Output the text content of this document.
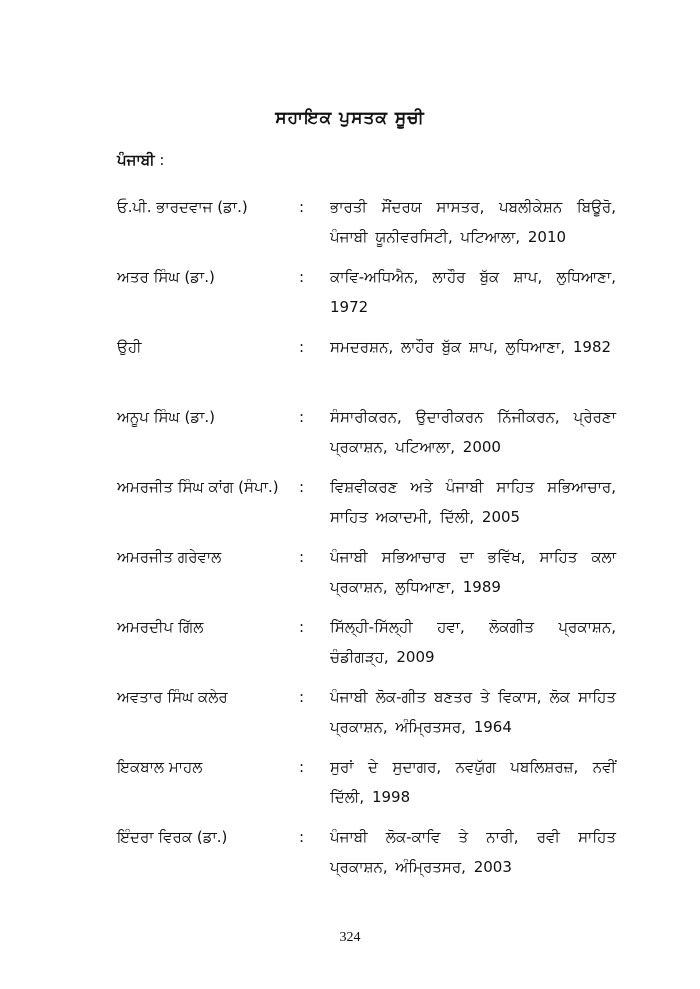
ਸਹਾਇਕ ਪੁਸਤਕ ਸੂਚੀ
ਪੰਜਾਬੀ :
ਓ.ਪੀ. ਭਾਰਦਵਾਜ (ਡਾ.)	: ਭਾਰਤੀ ਸੌਂਦਰਯ ਸਾਸਤਰ, ਪਬਲੀਕੇਸ਼ਨ ਬਿਊਰੋ, ਪੰਜਾਬੀ ਯੂਨੀਵਰਸਿਟੀ, ਪਟਿਆਲਾ, 2010
ਅਤਰ ਸਿੰਘ (ਡਾ.)	: ਕਾਵਿ-ਅਧਿਐਨ, ਲਾਹੌਰ ਬੁੱਕ ਸ਼ਾਪ, ਲੁਧਿਆਣਾ, 1972
ਉਹੀ	: ਸਮਦਰਸ਼ਨ, ਲਾਹੌਰ ਬੁੱਕ ਸ਼ਾਪ, ਲੁਧਿਆਣਾ, 1982
ਅਨੂਪ ਸਿੰਘ (ਡਾ.)	: ਸੰਸਾਰੀਕਰਨ, ਉਦਾਰੀਕਰਨ ਨਿੱਜੀਕਰਨ, ਪ੍ਰੇਰਣਾ ਪ੍ਰਕਾਸ਼ਨ, ਪਟਿਆਲਾ, 2000
ਅਮਰਜੀਤ ਸਿੰਘ ਕਾਂਗ (ਸੰਪਾ.)	: ਵਿਸ਼ਵੀਕਰਣ ਅਤੇ ਪੰਜਾਬੀ ਸਾਹਿਤ ਸਭਿਆਚਾਰ, ਸਾਹਿਤ ਅਕਾਦਮੀ, ਦਿੱਲੀ, 2005
ਅਮਰਜੀਤ ਗਰੇਵਾਲ	: ਪੰਜਾਬੀ ਸਭਿਆਚਾਰ ਦਾ ਭਵਿੱਖ, ਸਾਹਿਤ ਕਲਾ ਪ੍ਰਕਾਸ਼ਨ, ਲੁਧਿਆਣਾ, 1989
ਅਮਰਦੀਪ ਗਿੱਲ	: ਸਿੱਲ੍ਹੀ-ਸਿੱਲ੍ਹੀ ਹਵਾ, ਲੋਕਗੀਤ ਪ੍ਰਕਾਸ਼ਨ, ਚੰਡੀਗੜ੍ਹ, 2009
ਅਵਤਾਰ ਸਿੰਘ ਕਲੇਰ	: ਪੰਜਾਬੀ ਲੋਕ-ਗੀਤ ਬਣਤਰ ਤੇ ਵਿਕਾਸ, ਲੋਕ ਸਾਹਿਤ ਪ੍ਰਕਾਸ਼ਨ, ਅੰਮ੍ਰਿਤਸਰ, 1964
ਇਕਬਾਲ ਮਾਹਲ	: ਸੁਰਾਂ ਦੇ ਸੁਦਾਗਰ, ਨਵਯੁੱਗ ਪਬਲਿਸ਼ਰਜ਼, ਨਵੀਂ ਦਿੱਲੀ, 1998
ਇੰਦਰਾ ਵਿਰਕ (ਡਾ.)	: ਪੰਜਾਬੀ ਲੋਕ-ਕਾਵਿ ਤੇ ਨਾਰੀ, ਰਵੀ ਸਾਹਿਤ ਪ੍ਰਕਾਸ਼ਨ, ਅੰਮ੍ਰਿਤਸਰ, 2003
324
